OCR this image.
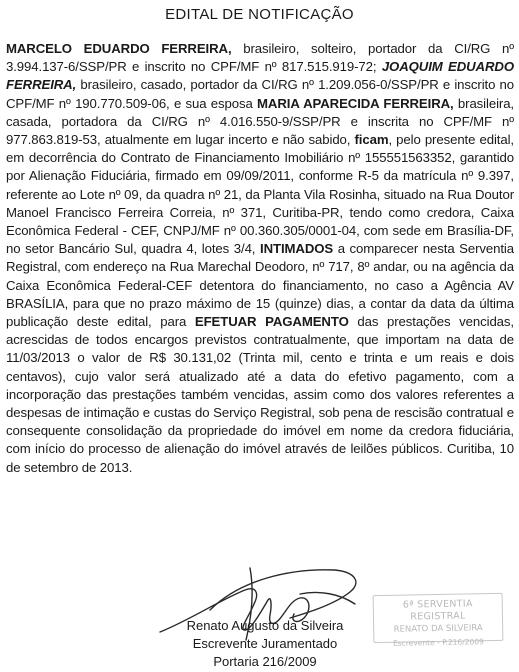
EDITAL DE NOTIFICAÇÃO
MARCELO EDUARDO FERREIRA, brasileiro, solteiro, portador da CI/RG nº 3.994.137-6/SSP/PR e inscrito no CPF/MF nº 817.515.919-72; JOAQUIM EDUARDO FERREIRA, brasileiro, casado, portador da CI/RG nº 1.209.056-0/SSP/PR e inscrito no CPF/MF nº 190.770.509-06, e sua esposa MARIA APARECIDA FERREIRA, brasileira, casada, portadora da CI/RG nº 4.016.550-9/SSP/PR e inscrita no CPF/MF nº 977.863.819-53, atualmente em lugar incerto e não sabido, ficam, pelo presente edital, em decorrência do Contrato de Financiamento Imobiliário nº 155551563352, garantido por Alienação Fiduciária, firmado em 09/09/2011, conforme R-5 da matrícula nº 9.397, referente ao Lote nº 09, da quadra nº 21, da Planta Vila Rosinha, situado na Rua Doutor Manoel Francisco Ferreira Correia, nº 371, Curitiba-PR, tendo como credora, Caixa Econômica Federal - CEF, CNPJ/MF nº 00.360.305/0001-04, com sede em Brasília-DF, no setor Bancário Sul, quadra 4, lotes 3/4, INTIMADOS a comparecer nesta Serventia Registral, com endereço na Rua Marechal Deodoro, nº 717, 8º andar, ou na agência da Caixa Econômica Federal-CEF detentora do financiamento, no caso a Agência AV BRASÍLIA, para que no prazo máximo de 15 (quinze) dias, a contar da data da última publicação deste edital, para EFETUAR PAGAMENTO das prestações vencidas, acrescidas de todos encargos previstos contratualmente, que importam na data de 11/03/2013 o valor de R$ 30.131,02 (Trinta mil, cento e trinta e um reais e dois centavos), cujo valor será atualizado até a data do efetivo pagamento, com a incorporação das prestações também vencidas, assim como dos valores referentes a despesas de intimação e custas do Serviço Registral, sob pena de rescisão contratual e consequente consolidação da propriedade do imóvel em nome da credora fiduciária, com início do processo de alienação do imóvel através de leilões públicos. Curitiba, 10 de setembro de 2013.
6ª SERVENTIA REGISTRAL
RENATO DA SILVEIRA
Escrevente - P.216/2009
Renato Augusto da Silveira
Escrevente Juramentado
Portaria 216/2009
